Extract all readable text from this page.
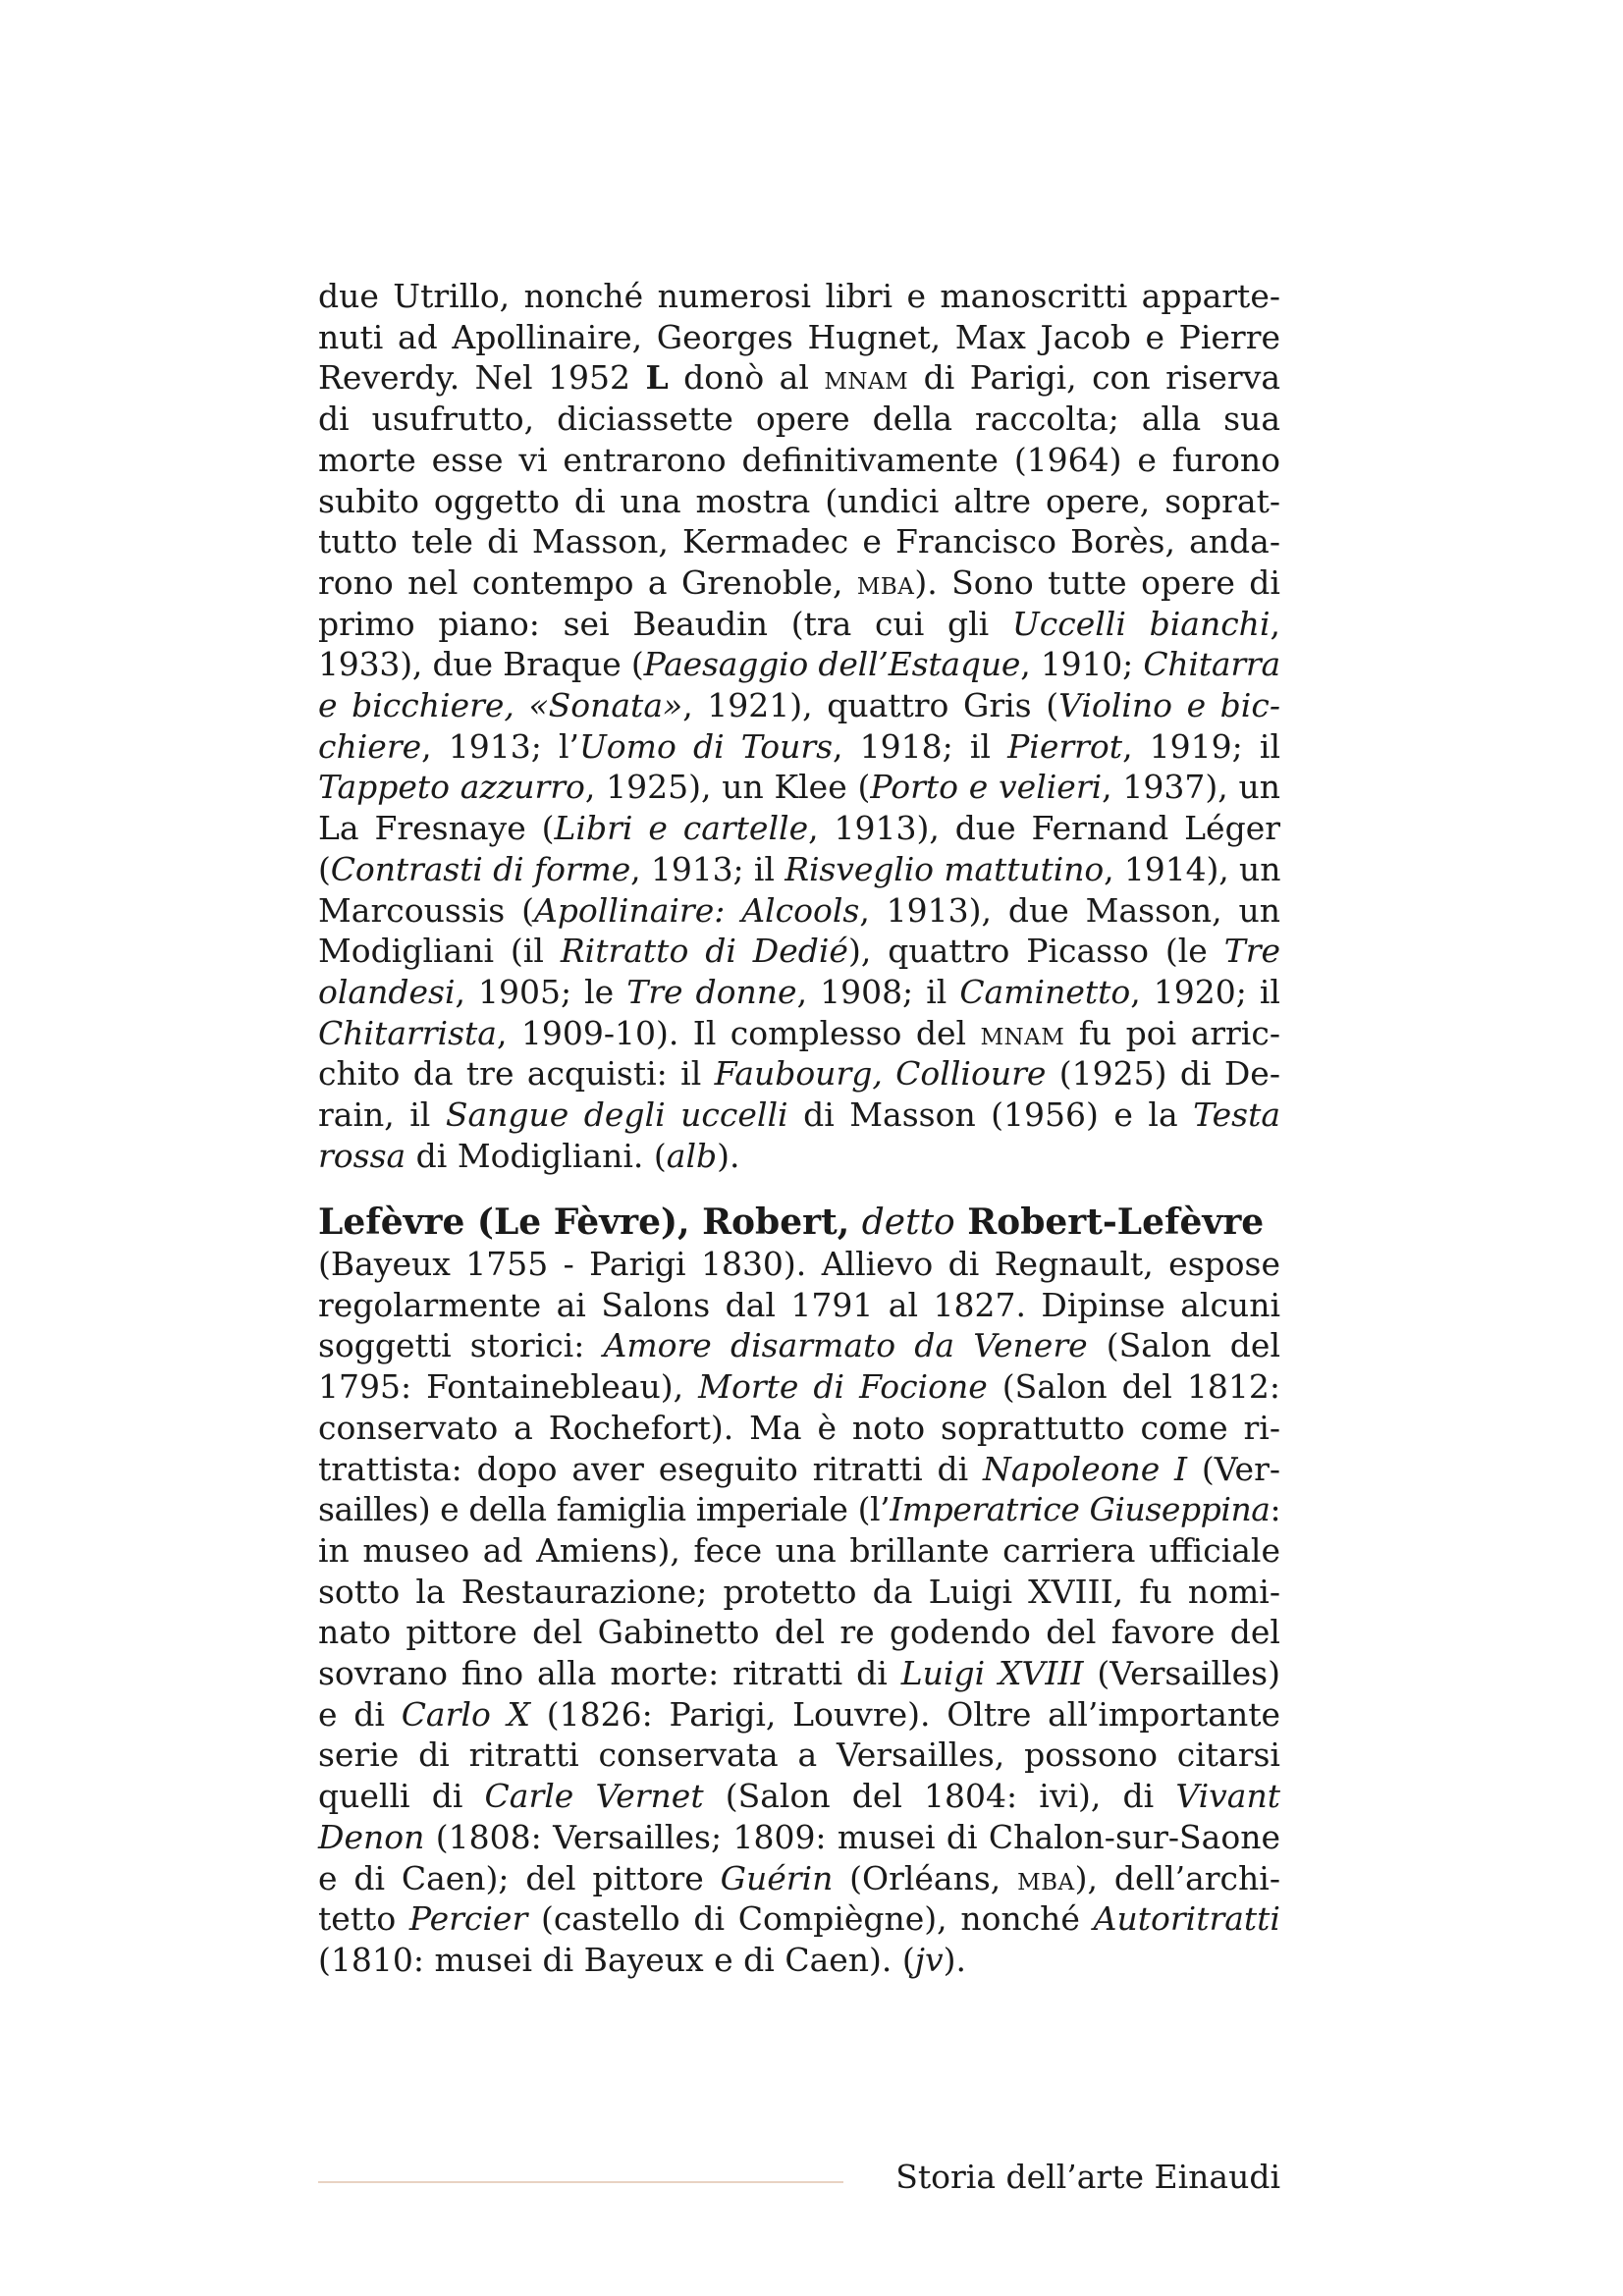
due Utrillo, nonché numerosi libri e manoscritti apparte-
nuti ad Apollinaire, Georges Hugnet, Max Jacob e Pierre
Reverdy. Nel 1952 L donò al mnam di Parigi, con riserva
di usufrutto, diciassette opere della raccolta; alla sua
morte esse vi entrarono definitivamente (1964) e furono
subito oggetto di una mostra (undici altre opere, soprat-
tutto tele di Masson, Kermadec e Francisco Borès, anda-
rono nel contempo a Grenoble, mba). Sono tutte opere di
primo piano: sei Beaudin (tra cui gli Uccelli bianchi,
1933), due Braque (Paesaggio dell’Estaque, 1910; Chitarra
e bicchiere, «Sonata», 1921), quattro Gris (Violino e bic-
chiere, 1913; l’Uomo di Tours, 1918; il Pierrot, 1919; il
Tappeto azzurro, 1925), un Klee (Porto e velieri, 1937), un
La Fresnaye (Libri e cartelle, 1913), due Fernand Léger
(Contrasti di forme, 1913; il Risveglio mattutino, 1914), un
Marcoussis (Apollinaire: Alcools, 1913), due Masson, un
Modigliani (il Ritratto di Dedié), quattro Picasso (le Tre
olandesi, 1905; le Tre donne, 1908; il Caminetto, 1920; il
Chitarrista, 1909-10). Il complesso del mnam fu poi arric-
chito da tre acquisti: il Faubourg, Collioure (1925) di De-
rain, il Sangue degli uccelli di Masson (1956) e la Testa
rossa di Modigliani. (alb).
Lefèvre (Le Fèvre), Robert, detto Robert-Lefèvre
(Bayeux 1755 - Parigi 1830). Allievo di Regnault, espose
regolarmente ai Salons dal 1791 al 1827. Dipinse alcuni
soggetti storici: Amore disarmato da Venere (Salon del
1795: Fontainebleau), Morte di Focione (Salon del 1812:
conservato a Rochefort). Ma è noto soprattutto come ri-
trattista: dopo aver eseguito ritratti di Napoleone I (Ver-
sailles) e della famiglia imperiale (l’Imperatrice Giuseppina:
in museo ad Amiens), fece una brillante carriera ufficiale
sotto la Restaurazione; protetto da Luigi XVIII, fu nomi-
nato pittore del Gabinetto del re godendo del favore del
sovrano fino alla morte: ritratti di Luigi XVIII (Versailles)
e di Carlo X (1826: Parigi, Louvre). Oltre all’importante
serie di ritratti conservata a Versailles, possono citarsi
quelli di Carle Vernet (Salon del 1804: ivi), di Vivant
Denon (1808: Versailles; 1809: musei di Chalon-sur-Saone
e di Caen); del pittore Guérin (Orléans, mba), dell’archi-
tetto Percier (castello di Compiègne), nonché Autoritratti
(1810: musei di Bayeux e di Caen). (jv).
Storia dell’arte Einaudi
